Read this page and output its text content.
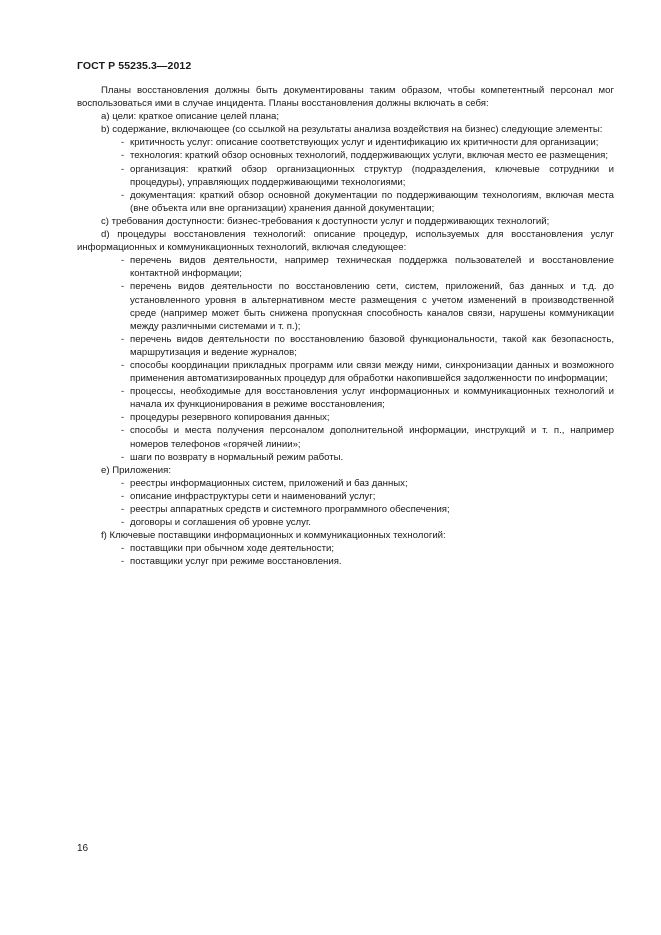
ГОСТ Р 55235.3—2012

Планы восстановления должны быть документированы таким образом, чтобы компетентный персонал мог воспользоваться ими в случае инцидента. Планы восстановления должны включать в себя:

a) цели: краткое описание целей плана;

b) содержание, включающее (со ссылкой на результаты анализа воздействия на бизнес) следующие элементы:

- критичность услуг: описание соответствующих услуг и идентификацию их критичности для организации;

- технология: краткий обзор основных технологий, поддерживающих услуги, включая место ее размещения;

- организация: краткий обзор организационных структур (подразделения, ключевые сотрудники и процедуры), управляющих поддерживающими технологиями;

- документация: краткий обзор основной документации по поддерживающим технологиям, включая места (вне объекта или вне организации) хранения данной документации;

c) требования доступности: бизнес-требования к доступности услуг и поддерживающих технологий;

d) процедуры восстановления технологий: описание процедур, используемых для восстановления услуг информационных и коммуникационных технологий, включая следующее:

- перечень видов деятельности, например техническая поддержка пользователей и восстановление контактной информации;

- перечень видов деятельности по восстановлению сети, систем, приложений, баз данных и т.д. до установленного уровня в альтернативном месте размещения с учетом изменений в производственной среде (например может быть снижена пропускная способность каналов связи, нарушены коммуникации между различными системами и т. п.);

- перечень видов деятельности по восстановлению базовой функциональности, такой как безопасность, маршрутизация и ведение журналов;

- способы координации прикладных программ или связи между ними, синхронизации данных и возможного применения автоматизированных процедур для обработки накопившейся задолженности по информации;

- процессы, необходимые для восстановления услуг информационных и коммуникационных технологий и начала их функционирования в режиме восстановления;

- процедуры резервного копирования данных;

- способы и места получения персоналом дополнительной информации, инструкций и т. п., например номеров телефонов «горячей линии»;

- шаги по возврату в нормальный режим работы.

e) Приложения:

- реестры информационных систем, приложений и баз данных;

- описание инфраструктуры сети и наименований услуг;

- реестры аппаратных средств и системного программного обеспечения;

- договоры и соглашения об уровне услуг.

f) Ключевые поставщики информационных и коммуникационных технологий:

- поставщики при обычном ходе деятельности;

- поставщики услуг при режиме восстановления.

16
